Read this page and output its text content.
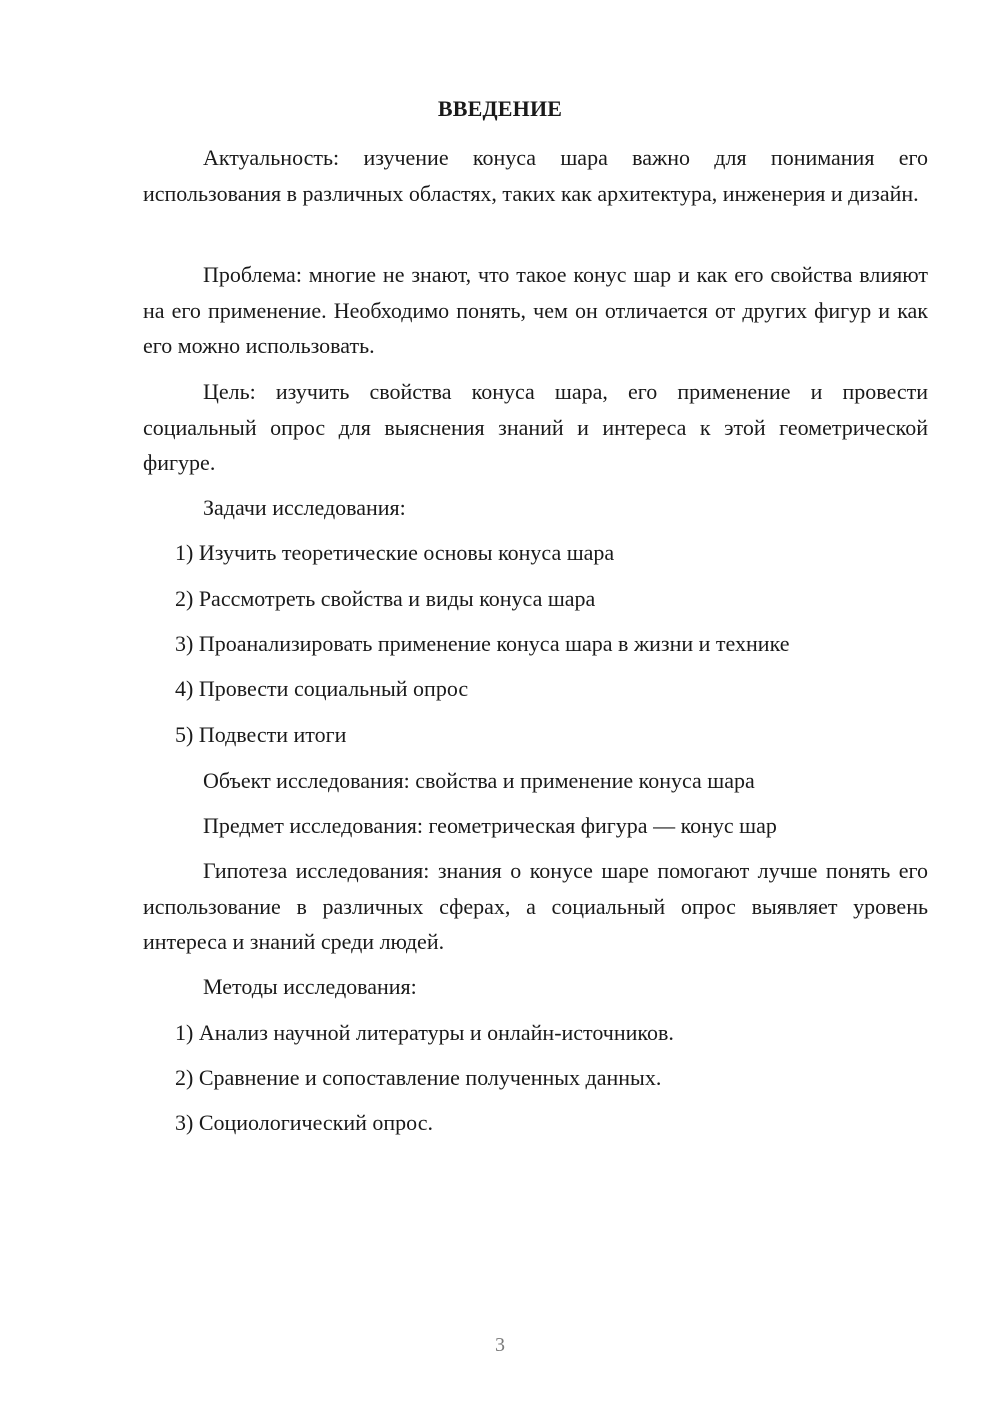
ВВЕДЕНИЕ

Актуальность: изучение конуса шара важно для понимания его использования в различных областях, таких как архитектура, инженерия и дизайн.

Проблема: многие не знают, что такое конус шар и как его свойства влияют на его применение. Необходимо понять, чем он отличается от других фигур и как его можно использовать.

Цель: изучить свойства конуса шара, его применение и провести социальный опрос для выяснения знаний и интереса к этой геометрической фигуре.

Задачи исследования:

1) Изучить теоретические основы конуса шара

2) Рассмотреть свойства и виды конуса шара

3) Проанализировать применение конуса шара в жизни и технике

4) Провести социальный опрос

5) Подвести итоги

Объект исследования: свойства и применение конуса шара

Предмет исследования: геометрическая фигура — конус шар

Гипотеза исследования: знания о конусе шаре помогают лучше понять его использование в различных сферах, а социальный опрос выявляет уровень интереса и знаний среди людей.

Методы исследования:

1) Анализ научной литературы и онлайн-источников.

2) Сравнение и сопоставление полученных данных.

3) Социологический опрос.

3
